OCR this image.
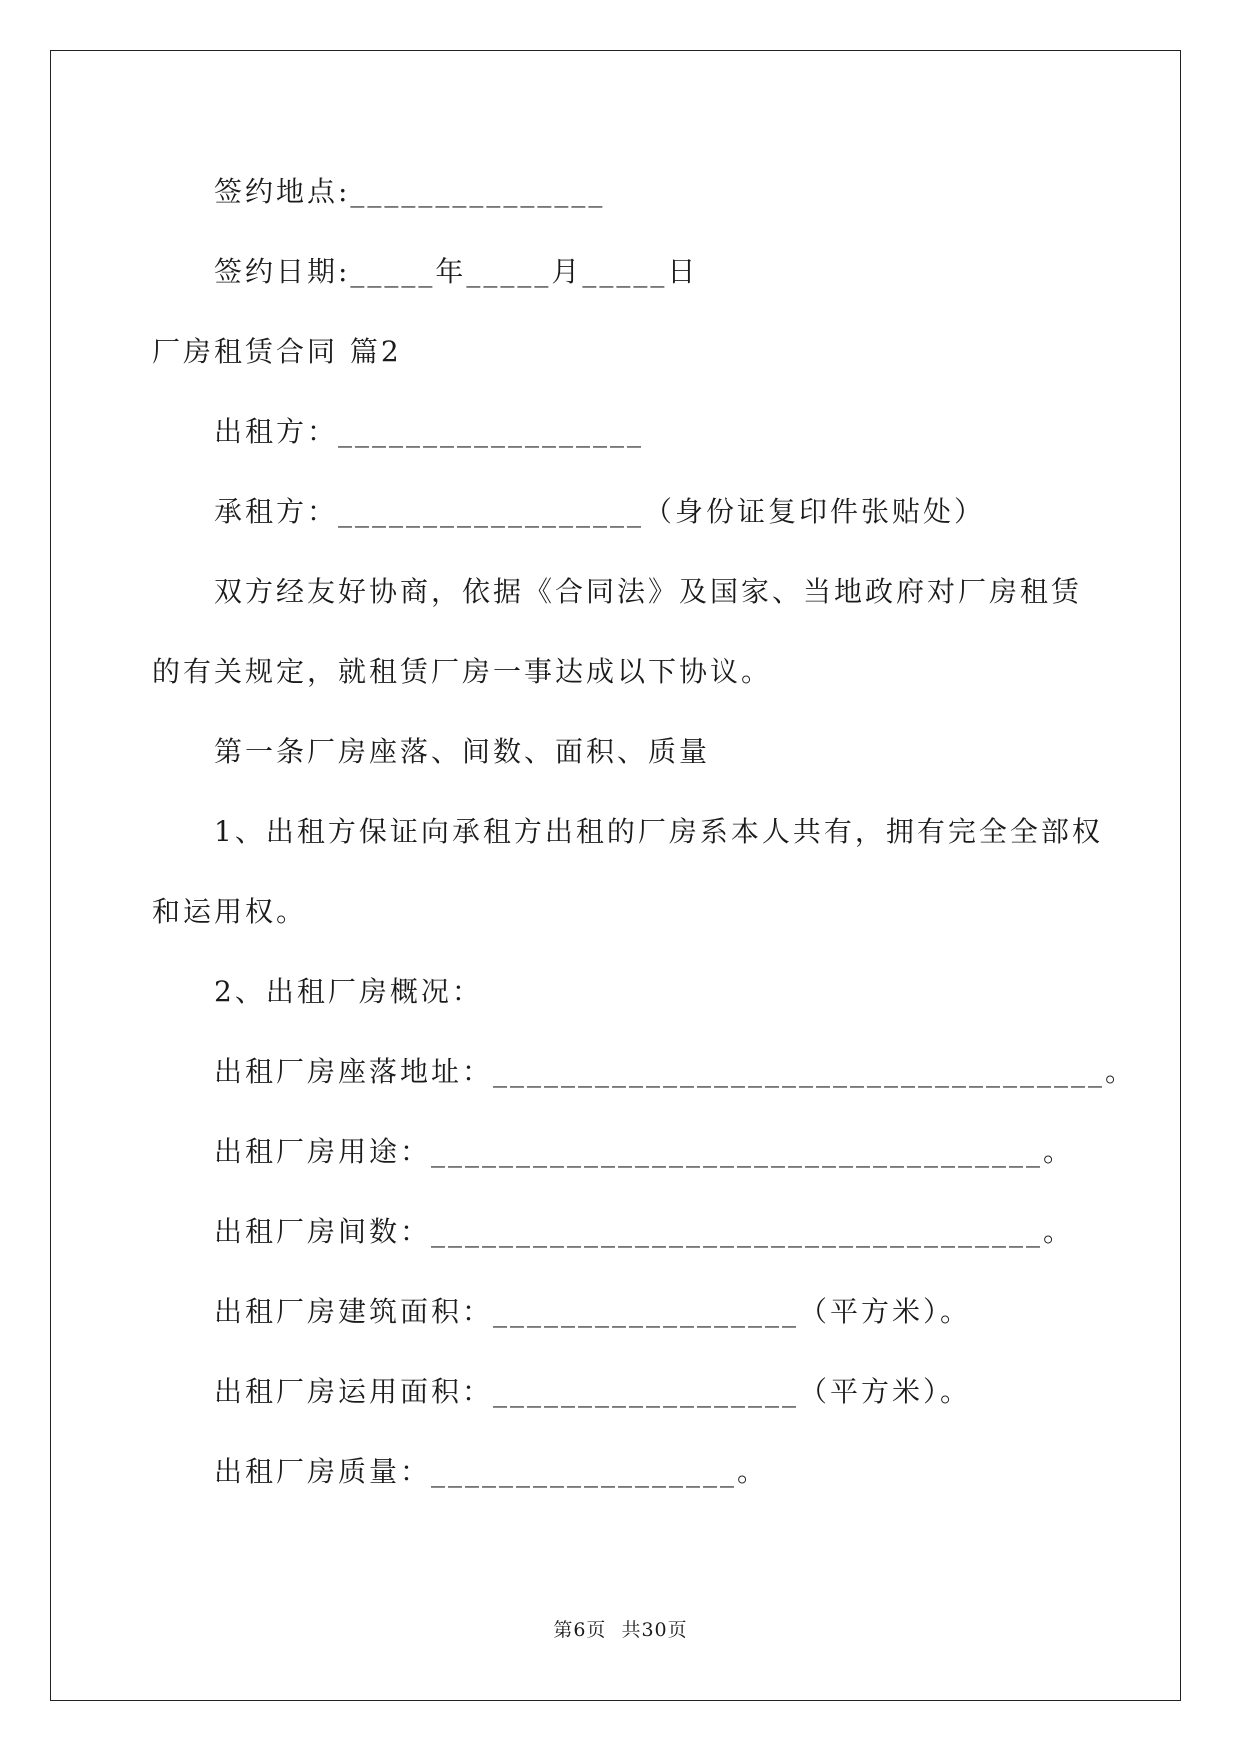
签约地点:_______________
签约日期:_____年_____月_____日
厂房租赁合同 篇2
出租方：__________________
承租方：__________________（身份证复印件张贴处）
双方经友好协商，依据《合同法》及国家、当地政府对厂房租赁
的有关规定，就租赁厂房一事达成以下协议。
第一条厂房座落、间数、面积、质量
1、出租方保证向承租方出租的厂房系本人共有，拥有完全全部权
和运用权。
2、出租厂房概况：
出租厂房座落地址：____________________________________。
出租厂房用途：____________________________________。
出租厂房间数：____________________________________。
出租厂房建筑面积：__________________（平方米）。
出租厂房运用面积：__________________（平方米）。
出租厂房质量：__________________。
第6页 共30页
